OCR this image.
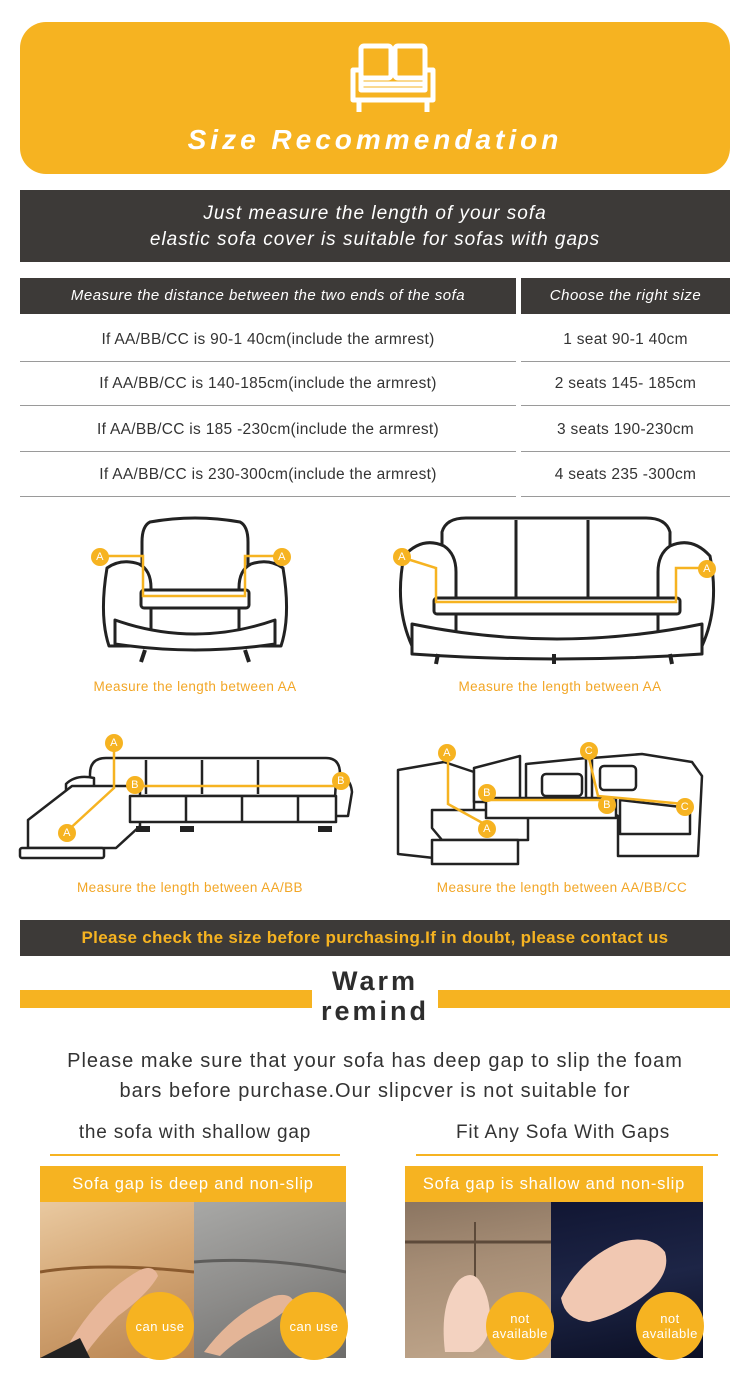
Size Recommendation
Just measure the length of your sofa
elastic sofa cover is suitable for sofas with gaps
Measure the distance between the two ends of the sofa	Choose the right size
If AA/BB/CC is 90-1 40cm(include the armrest)	1 seat 90-1 40cm
If AA/BB/CC is 140-185cm(include the armrest)	2 seats 145- 185cm
If AA/BB/CC is 185 -230cm(include the armrest)	3 seats 190-230cm
If AA/BB/CC is 230-300cm(include the armrest)	4 seats 235 -300cm
A	A
Measure the length between AA
A
A
Measure the length between AA
A
A
B	B
Measure the length between AA/BB
A
A
B
B
C
C
Measure the length between AA/BB/CC
Please check the size before purchasing.If in doubt, please contact us
Warm
remind
Please make sure that your sofa has deep gap to slip the foam
bars before purchase.Our slipcver is not suitable for
the sofa with shallow gap	Fit Any Sofa With Gaps
Sofa gap is deep and non-slip	Sofa gap is shallow and non-slip
can use	can use	not available
not available
